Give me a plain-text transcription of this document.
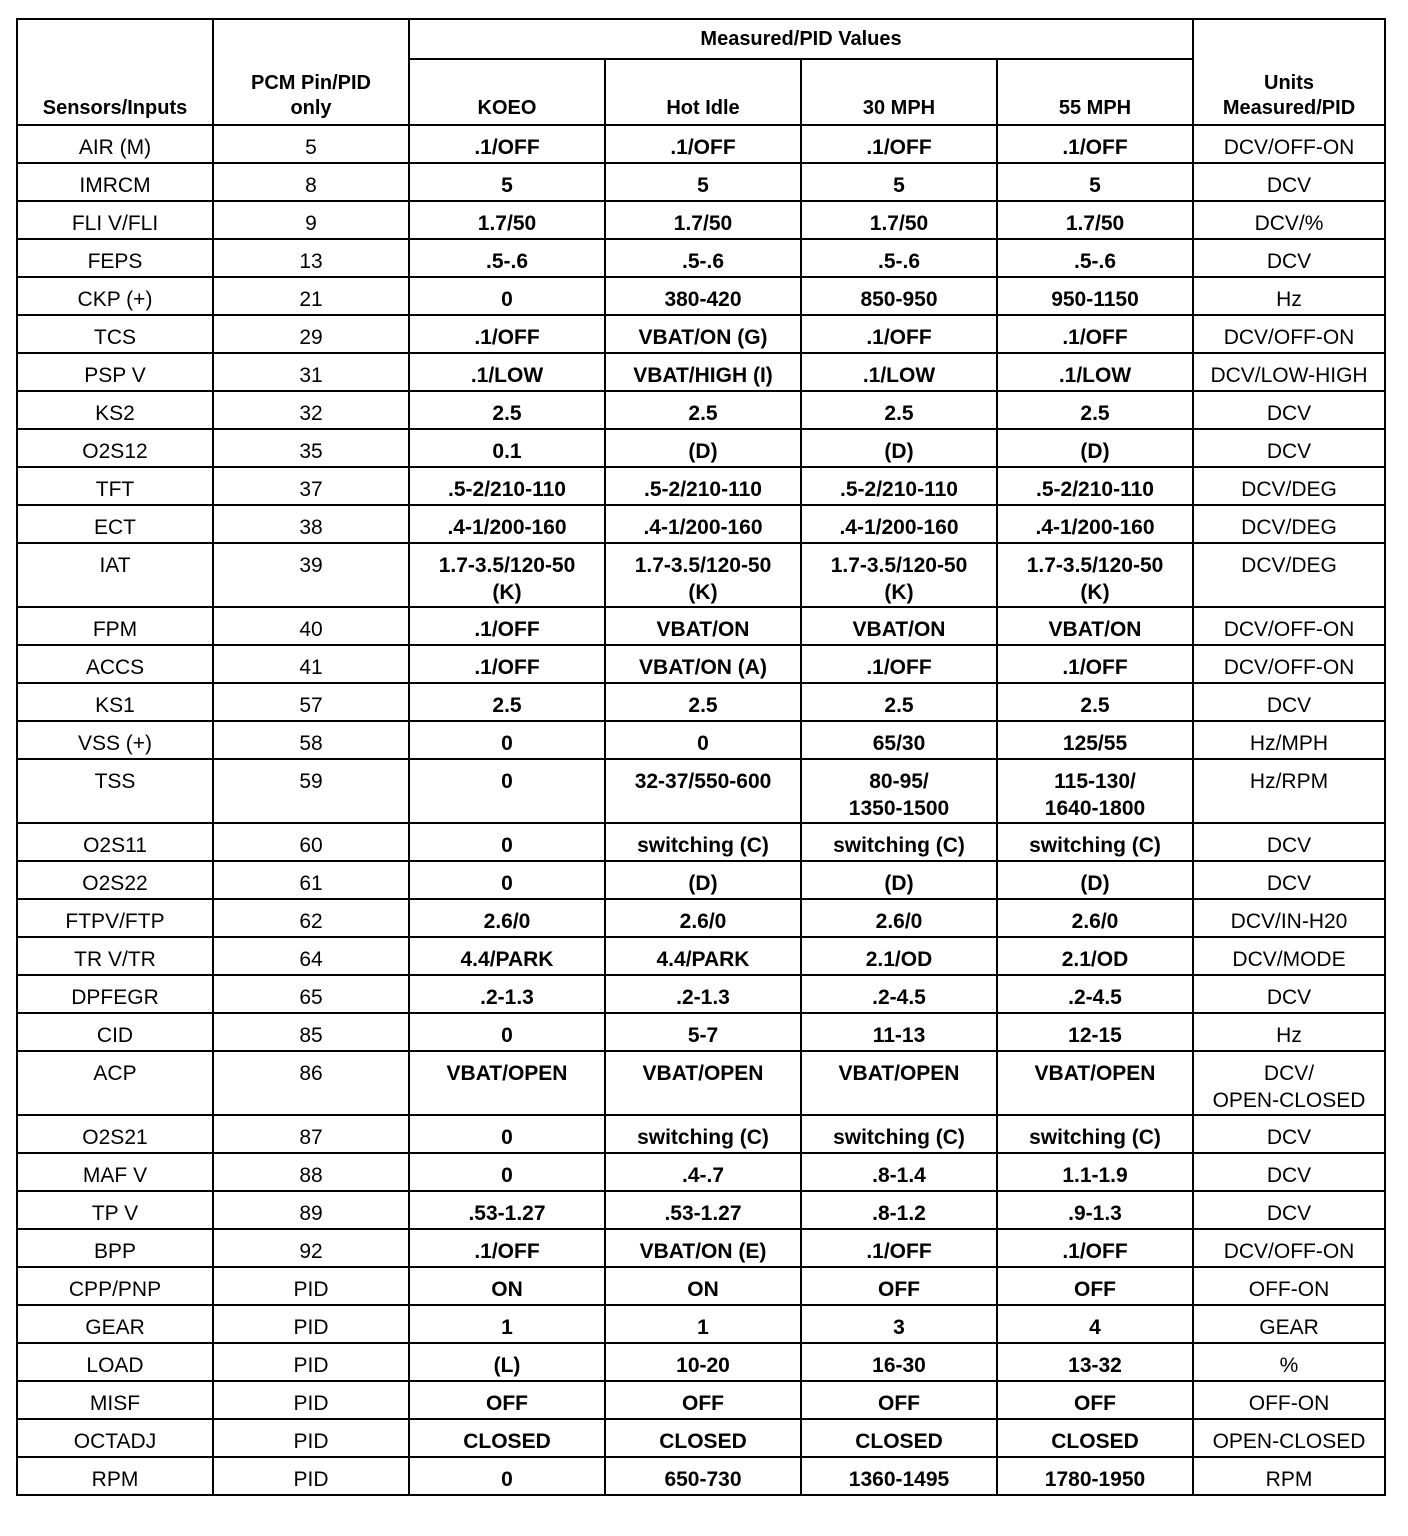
Sensors/Inputs	PCM Pin/PID only	Measured/PID Values				Units Measured/PID
		KOEO	Hot Idle	30 MPH	55 MPH	

AIR (M)	5	.1/OFF	.1/OFF	.1/OFF	.1/OFF	DCV/OFF-ON

IMRCM	8	5	5	5	5	DCV

FLI V/FLI	9	1.7/50	1.7/50	1.7/50	1.7/50	DCV/%

FEPS	13	.5-.6	.5-.6	.5-.6	.5-.6	DCV

CKP (+)	21	0	380-420	850-950	950-1150	Hz

TCS	29	.1/OFF	VBAT/ON (G)	.1/OFF	.1/OFF	DCV/OFF-ON

PSP V	31	.1/LOW	VBAT/HIGH (I)	.1/LOW	.1/LOW	DCV/LOW-HIGH

KS2	32	2.5	2.5	2.5	2.5	DCV

O2S12	35	0.1	(D)	(D)	(D)	DCV

TFT	37	.5-2/210-110	.5-2/210-110	.5-2/210-110	.5-2/210-110	DCV/DEG

ECT	38	.4-1/200-160	.4-1/200-160	.4-1/200-160	.4-1/200-160	DCV/DEG

IAT	39	1.7-3.5/120-50
(K)	1.7-3.5/120-50
(K)	1.7-3.5/120-50
(K)	1.7-3.5/120-50
(K)	DCV/DEG

FPM	40	.1/OFF	VBAT/ON	VBAT/ON	VBAT/ON	DCV/OFF-ON

ACCS	41	.1/OFF	VBAT/ON (A)	.1/OFF	.1/OFF	DCV/OFF-ON

KS1	57	2.5	2.5	2.5	2.5	DCV

VSS (+)	58	0	0	65/30	125/55	Hz/MPH

TSS	59	0	32-37/550-600	80-95/
1350-1500	115-130/
1640-1800	Hz/RPM

O2S11	60	0	switching (C)	switching (C)	switching (C)	DCV

O2S22	61	0	(D)	(D)	(D)	DCV

FTPV/FTP	62	2.6/0	2.6/0	2.6/0	2.6/0	DCV/IN-H20

TR V/TR	64	4.4/PARK	4.4/PARK	2.1/OD	2.1/OD	DCV/MODE

DPFEGR	65	.2-1.3	.2-1.3	.2-4.5	.2-4.5	DCV

CID	85	0	5-7	11-13	12-15	Hz

ACP	86	VBAT/OPEN	VBAT/OPEN	VBAT/OPEN	VBAT/OPEN	DCV/
OPEN-CLOSED

O2S21	87	0	switching (C)	switching (C)	switching (C)	DCV

MAF V	88	0	.4-.7	.8-1.4	1.1-1.9	DCV

TP V	89	.53-1.27	.53-1.27	.8-1.2	.9-1.3	DCV

BPP	92	.1/OFF	VBAT/ON (E)	.1/OFF	.1/OFF	DCV/OFF-ON

CPP/PNP	PID	ON	ON	OFF	OFF	OFF-ON

GEAR	PID	1	1	3	4	GEAR

LOAD	PID	(L)	10-20	16-30	13-32	%

MISF	PID	OFF	OFF	OFF	OFF	OFF-ON

OCTADJ	PID	CLOSED	CLOSED	CLOSED	CLOSED	OPEN-CLOSED

RPM	PID	0	650-730	1360-1495	1780-1950	RPM
